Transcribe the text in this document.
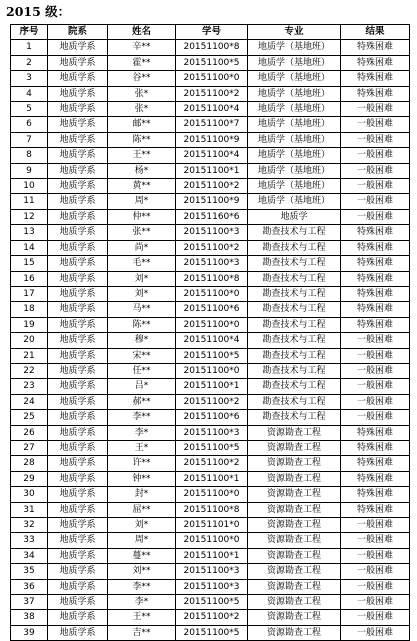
2015 级：
序号	院系	姓名	学号	专业	结果
1	地质学系	辛**	20151100*8	地质学（基地班）	特殊困难
2	地质学系	霍**	20151100*5	地质学（基地班）	特殊困难
3	地质学系	谷**	20151100*0	地质学（基地班）	特殊困难
4	地质学系	张*	20151100*2	地质学（基地班）	特殊困难
5	地质学系	张*	20151100*4	地质学（基地班）	一般困难
6	地质学系	邮**	20151100*7	地质学（基地班）	一般困难
7	地质学系	陈**	20151100*9	地质学（基地班）	一般困难
8	地质学系	王**	20151100*4	地质学（基地班）	一般困难
9	地质学系	杨*	20151100*1	地质学（基地班）	一般困难
10	地质学系	黄**	20151100*2	地质学（基地班）	一般困难
11	地质学系	周*	20151100*9	地质学（基地班）	一般困难
12	地质学系	仲**	20151160*6	地质学	一般困难
13	地质学系	张**	20151100*3	勘查技术与工程	特殊困难
14	地质学系	尚*	20151100*2	勘查技术与工程	特殊困难
15	地质学系	毛**	20151100*3	勘查技术与工程	特殊困难
16	地质学系	刘*	20151100*8	勘查技术与工程	特殊困难
17	地质学系	刘*	20151100*0	勘查技术与工程	特殊困难
18	地质学系	马**	20151100*6	勘查技术与工程	特殊困难
19	地质学系	陈**	20151100*0	勘查技术与工程	特殊困难
20	地质学系	穆*	20151100*4	勘查技术与工程	一般困难
21	地质学系	宋**	20151100*5	勘查技术与工程	一般困难
22	地质学系	任**	20151100*0	勘查技术与工程	一般困难
23	地质学系	吕*	20151100*1	勘查技术与工程	一般困难
24	地质学系	郝**	20151100*2	勘查技术与工程	一般困难
25	地质学系	李**	20151100*6	勘查技术与工程	一般困难
26	地质学系	李*	20151100*3	资源勘查工程	特殊困难
27	地质学系	王*	20151100*5	资源勘查工程	特殊困难
28	地质学系	许**	20151100*2	资源勘查工程	特殊困难
29	地质学系	钟**	20151100*1	资源勘查工程	特殊困难
30	地质学系	封*	20151100*0	资源勘查工程	特殊困难
31	地质学系	屈**	20151100*8	资源勘查工程	特殊困难
32	地质学系	刘*	20151101*0	资源勘查工程	一般困难
33	地质学系	周*	20151100*0	资源勘查工程	一般困难
34	地质学系	蔓**	20151100*1	资源勘查工程	一般困难
35	地质学系	刘**	20151100*3	资源勘查工程	一般困难
36	地质学系	李**	20151100*3	资源勘查工程	一般困难
37	地质学系	李*	20151100*5	资源勘查工程	一般困难
38	地质学系	王**	20151100*2	资源勘查工程	一般困难
39	地质学系	吉**	20151100*5	资源勘查工程	一般困难
